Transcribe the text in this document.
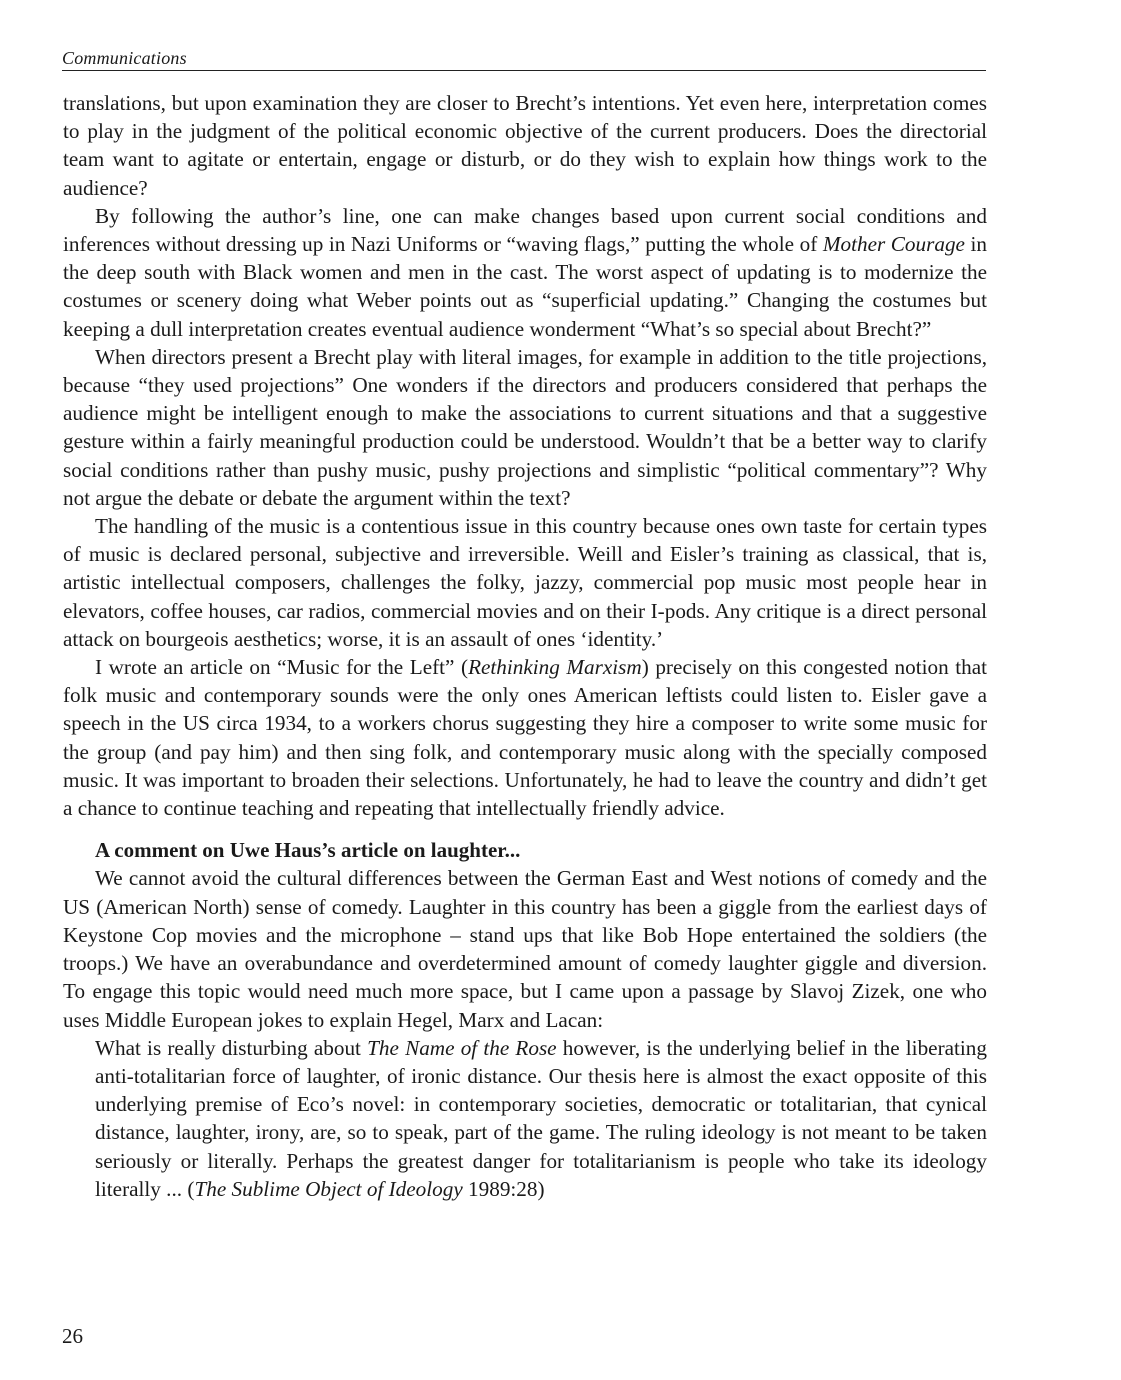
Communications

translations, but upon examination they are closer to Brecht’s intentions. Yet even here, interpretation comes to play in the judgment of the political economic objective of the current producers. Does the directorial team want to agitate or entertain, engage or disturb, or do they wish to explain how things work to the audience?

By following the author’s line, one can make changes based upon current social conditions and inferences without dressing up in Nazi Uniforms or “waving flags,” putting the whole of Mother Courage in the deep south with Black women and men in the cast. The worst aspect of updating is to modernize the costumes or scenery doing what Weber points out as “superficial updating.” Changing the costumes but keeping a dull interpretation creates eventual audience wonderment “What’s so special about Brecht?”

When directors present a Brecht play with literal images, for example in addition to the title projections, because “they used projections” One wonders if the directors and producers considered that perhaps the audience might be intelligent enough to make the associations to current situations and that a suggestive gesture within a fairly meaningful production could be understood. Wouldn’t that be a better way to clarify social conditions rather than pushy music, pushy projections and simplistic “political commentary”? Why not argue the debate or debate the argument within the text?

The handling of the music is a contentious issue in this country because ones own taste for certain types of music is declared personal, subjective and irreversible. Weill and Eisler’s training as classical, that is, artistic intellectual composers, challenges the folky, jazzy, commercial pop music most people hear in elevators, coffee houses, car radios, commercial movies and on their I-pods. Any critique is a direct personal attack on bourgeois aesthetics; worse, it is an assault of ones ‘identity.’

I wrote an article on “Music for the Left” (Rethinking Marxism) precisely on this congested notion that folk music and contemporary sounds were the only ones American leftists could listen to. Eisler gave a speech in the US circa 1934, to a workers chorus suggesting they hire a composer to write some music for the group (and pay him) and then sing folk, and contemporary music along with the specially composed music. It was important to broaden their selections. Unfortunately, he had to leave the country and didn’t get a chance to continue teaching and repeating that intellectually friendly advice.

A comment on Uwe Haus’s article on laughter...

We cannot avoid the cultural differences between the German East and West notions of comedy and the US (American North) sense of comedy. Laughter in this country has been a giggle from the earliest days of Keystone Cop movies and the microphone – stand ups that like Bob Hope entertained the soldiers (the troops.) We have an overabundance and overdetermined amount of comedy laughter giggle and diversion. To engage this topic would need much more space, but I came upon a passage by Slavoj Zizek, one who uses Middle European jokes to explain Hegel, Marx and Lacan:

What is really disturbing about The Name of the Rose however, is the underlying belief in the liberating anti-totalitarian force of laughter, of ironic distance. Our thesis here is almost the exact opposite of this underlying premise of Eco’s novel: in contemporary societies, democratic or totalitarian, that cynical distance, laughter, irony, are, so to speak, part of the game. The ruling ideology is not meant to be taken seriously or literally. Perhaps the greatest danger for totalitarianism is people who take its ideology literally ... (The Sublime Object of Ideology 1989:28)
26
